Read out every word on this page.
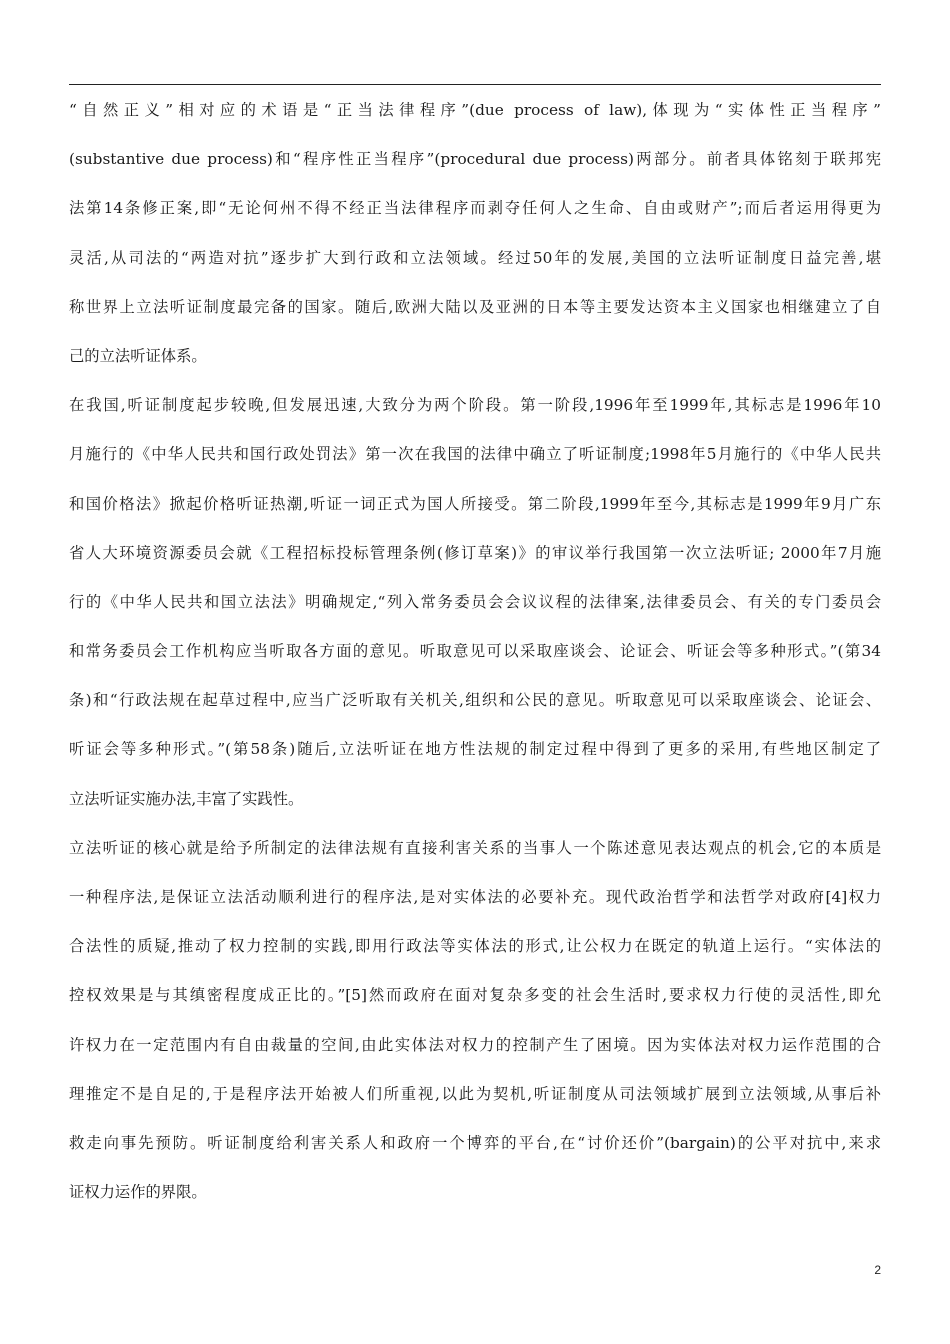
“自然正义”相对应的术语是“正当法律程序”(due process of law),体现为“实体性正当程序”
(substantive due process)和“程序性正当程序”(procedural due process)两部分。前者具体铭刻于联邦宪
法第14条修正案,即“无论何州不得不经正当法律程序而剥夺任何人之生命、自由或财产”;而后者运用得更为
灵活,从司法的“两造对抗”逐步扩大到行政和立法领域。经过50年的发展,美国的立法听证制度日益完善,堪
称世界上立法听证制度最完备的国家。随后,欧洲大陆以及亚洲的日本等主要发达资本主义国家也相继建立了自
己的立法听证体系。
在我国,听证制度起步较晚,但发展迅速,大致分为两个阶段。第一阶段,1996年至1999年,其标志是1996年10
月施行的《中华人民共和国行政处罚法》第一次在我国的法律中确立了听证制度;1998年5月施行的《中华人民共
和国价格法》掀起价格听证热潮,听证一词正式为国人所接受。第二阶段,1999年至今,其标志是1999年9月广东
省人大环境资源委员会就《工程招标投标管理条例(修订草案)》的审议举行我国第一次立法听证; 2000年7月施
行的《中华人民共和国立法法》明确规定,“列入常务委员会会议议程的法律案,法律委员会、有关的专门委员会
和常务委员会工作机构应当听取各方面的意见。听取意见可以采取座谈会、论证会、听证会等多种形式。”(第34
条)和“行政法规在起草过程中,应当广泛听取有关机关,组织和公民的意见。听取意见可以采取座谈会、论证会、
听证会等多种形式。”(第58条)随后,立法听证在地方性法规的制定过程中得到了更多的采用,有些地区制定了
立法听证实施办法,丰富了实践性。
立法听证的核心就是给予所制定的法律法规有直接利害关系的当事人一个陈述意见表达观点的机会,它的本质是
一种程序法,是保证立法活动顺利进行的程序法,是对实体法的必要补充。现代政治哲学和法哲学对政府[4]权力
合法性的质疑,推动了权力控制的实践,即用行政法等实体法的形式,让公权力在既定的轨道上运行。“实体法的
控权效果是与其缜密程度成正比的。”[5]然而政府在面对复杂多变的社会生活时,要求权力行使的灵活性,即允
许权力在一定范围内有自由裁量的空间,由此实体法对权力的控制产生了困境。因为实体法对权力运作范围的合
理推定不是自足的,于是程序法开始被人们所重视,以此为契机,听证制度从司法领域扩展到立法领域,从事后补
救走向事先预防。听证制度给利害关系人和政府一个博弈的平台,在“讨价还价”(bargain)的公平对抗中,来求
证权力运作的界限。
2
